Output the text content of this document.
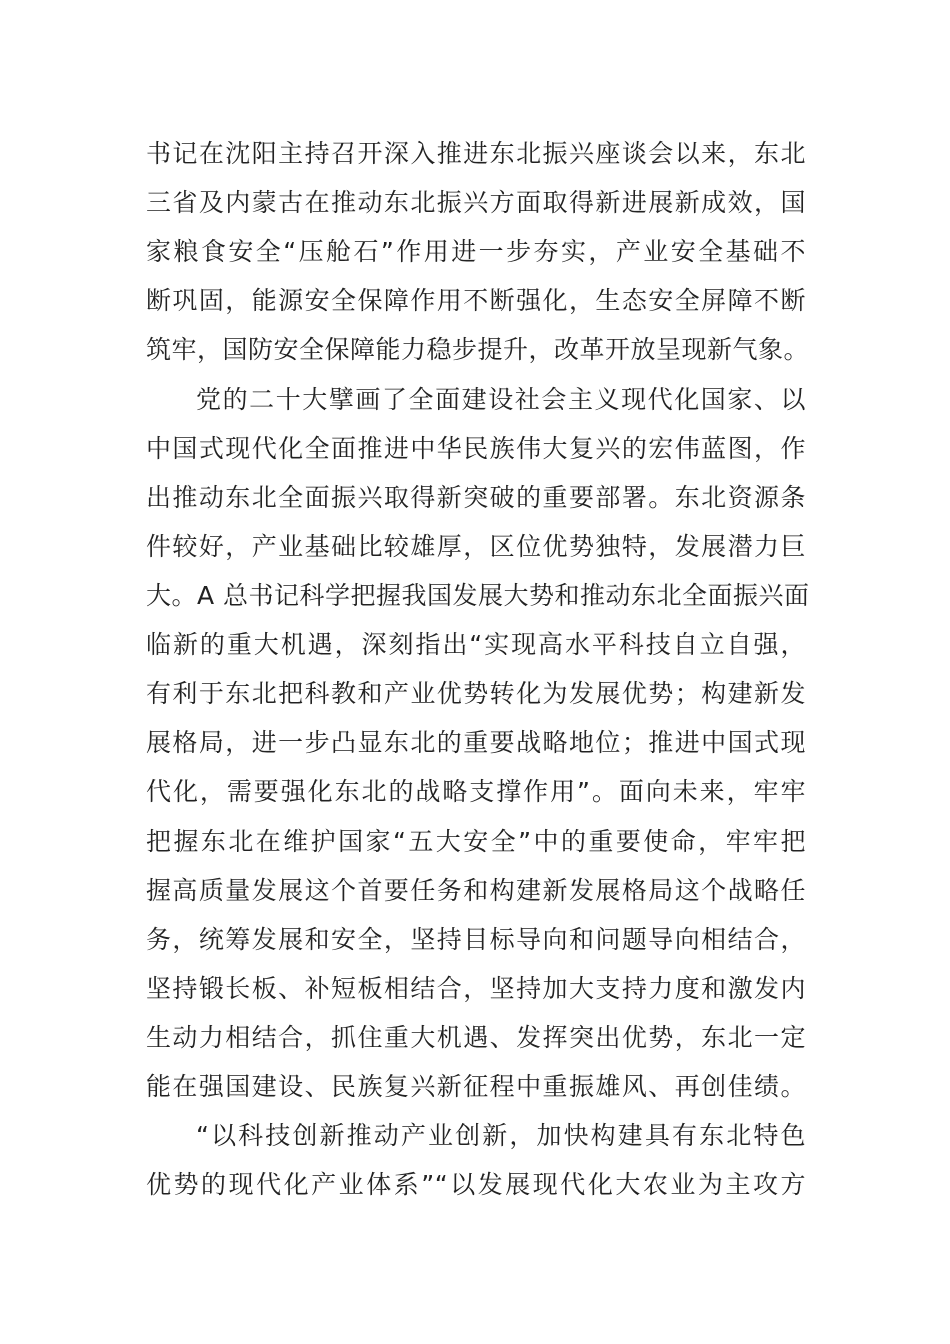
书记在沈阳主持召开深入推进东北振兴座谈会以来，东北
三省及内蒙古在推动东北振兴方面取得新进展新成效，国
家粮食安全“压舱石”作用进一步夯实，产业安全基础不
断巩固，能源安全保障作用不断强化，生态安全屏障不断
筑牢，国防安全保障能力稳步提升，改革开放呈现新气象。
党的二十大擘画了全面建设社会主义现代化国家、以
中国式现代化全面推进中华民族伟大复兴的宏伟蓝图，作
出推动东北全面振兴取得新突破的重要部署。东北资源条
件较好，产业基础比较雄厚，区位优势独特，发展潜力巨
大。A 总书记科学把握我国发展大势和推动东北全面振兴面
临新的重大机遇，深刻指出“实现高水平科技自立自强，
有利于东北把科教和产业优势转化为发展优势；构建新发
展格局，进一步凸显东北的重要战略地位；推进中国式现
代化，需要强化东北的战略支撑作用”。面向未来，牢牢
把握东北在维护国家“五大安全”中的重要使命，牢牢把
握高质量发展这个首要任务和构建新发展格局这个战略任
务，统筹发展和安全，坚持目标导向和问题导向相结合，
坚持锻长板、补短板相结合，坚持加大支持力度和激发内
生动力相结合，抓住重大机遇、发挥突出优势，东北一定
能在强国建设、民族复兴新征程中重振雄风、再创佳绩。
“以科技创新推动产业创新，加快构建具有东北特色
优势的现代化产业体系”“以发展现代化大农业为主攻方
